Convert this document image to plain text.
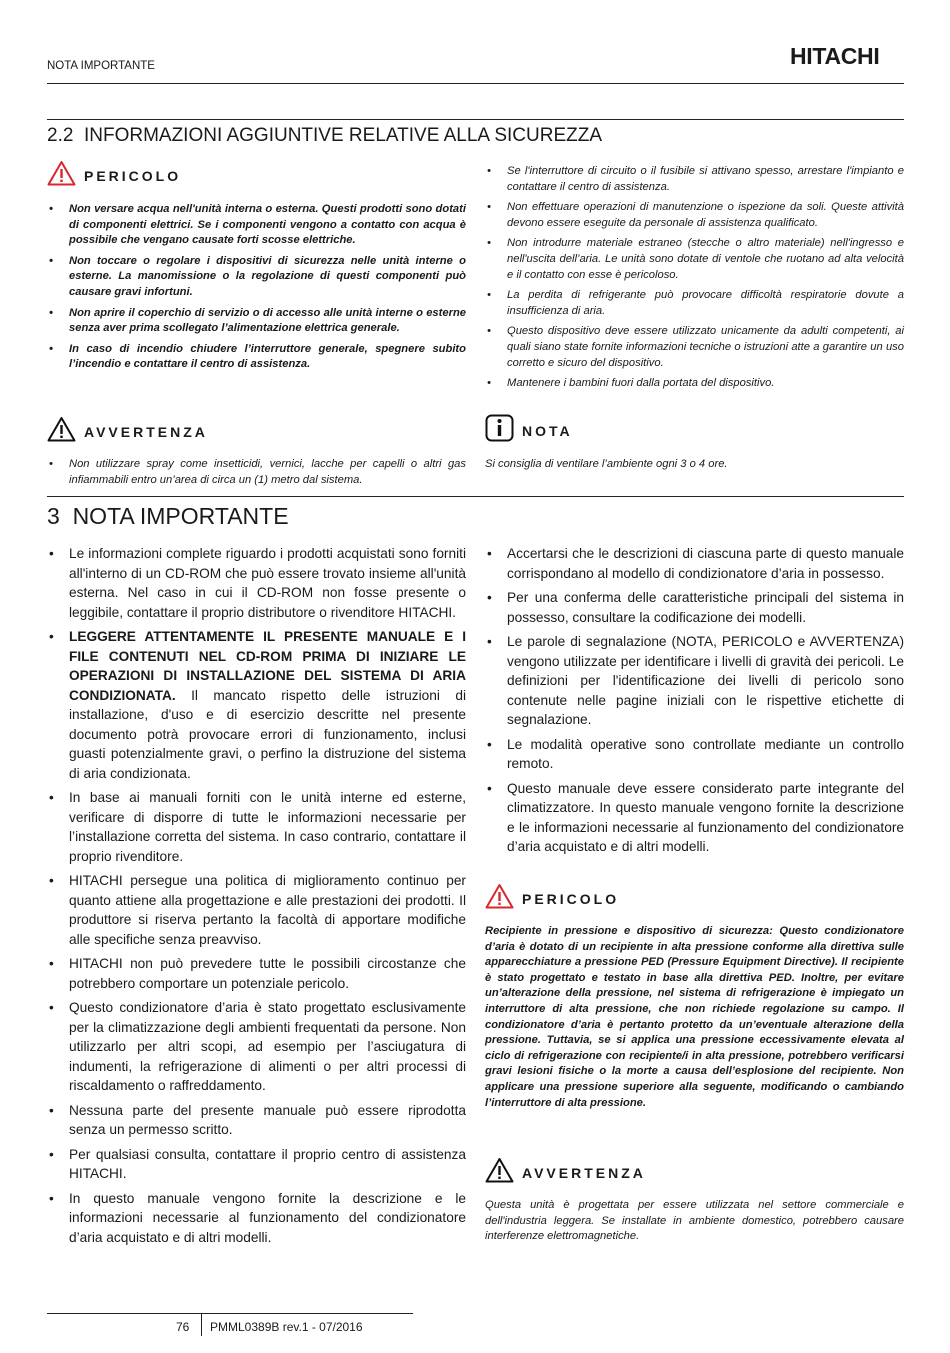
NOTA IMPORTANTE	HITACHI
2.2  INFORMAZIONI AGGIUNTIVE RELATIVE ALLA SICUREZZA
PERICOLO
• Non versare acqua nell'unità interna o esterna. Questi prodotti sono dotati di componenti elettrici. Se i componenti vengono a contatto con acqua è possibile che vengano causate forti scosse elettriche.
• Non toccare o regolare i dispositivi di sicurezza nelle unità interne o esterne. La manomissione o la regolazione di questi componenti può causare gravi infortuni.
• Non aprire il coperchio di servizio o di accesso alle unità interne o esterne senza aver prima scollegato l’alimentazione elettrica generale.
• In caso di incendio chiudere l’interruttore generale, spegnere subito l’incendio e contattare il centro di assistenza.
AVVERTENZA
• Non utilizzare spray come insetticidi, vernici, lacche per capelli o altri gas infiammabili entro un’area di circa un (1) metro dal sistema.
• Se l'interruttore di circuito o il fusibile si attivano spesso, arrestare l'impianto e contattare il centro di assistenza.
• Non effettuare operazioni di manutenzione o ispezione da soli. Queste attività devono essere eseguite da personale di assistenza qualificato.
• Non introdurre materiale estraneo (stecche o altro materiale) nell'ingresso e nell'uscita dell’aria. Le unità sono dotate di ventole che ruotano ad alta velocità e il contatto con esse è pericoloso.
• La perdita di refrigerante può provocare difficoltà respiratorie dovute a insufficienza di aria.
• Questo dispositivo deve essere utilizzato unicamente da adulti competenti, ai quali siano state fornite informazioni tecniche o istruzioni atte a garantire un uso corretto e sicuro del dispositivo.
• Mantenere i bambini fuori dalla portata del dispositivo.
NOTA
Si consiglia di ventilare l’ambiente ogni 3 o 4 ore.
3  NOTA IMPORTANTE
• Le informazioni complete riguardo i prodotti acquistati sono forniti all'interno di un CD-ROM che può essere trovato insieme all'unità esterna. Nel caso in cui il CD-ROM non fosse presente o leggibile, contattare il proprio distributore o rivenditore HITACHI.
• LEGGERE ATTENTAMENTE IL PRESENTE MANUALE E I FILE CONTENUTI NEL CD-ROM PRIMA DI INIZIARE LE OPERAZIONI DI INSTALLAZIONE DEL SISTEMA DI ARIA CONDIZIONATA. Il mancato rispetto delle istruzioni di installazione, d'uso e di esercizio descritte nel presente documento potrà provocare errori di funzionamento, inclusi guasti potenzialmente gravi, o perfino la distruzione del sistema di aria condizionata.
• In base ai manuali forniti con le unità interne ed esterne, verificare di disporre di tutte le informazioni necessarie per l’installazione corretta del sistema. In caso contrario, contattare il proprio rivenditore.
• HITACHI persegue una politica di miglioramento continuo per quanto attiene alla progettazione e alle prestazioni dei prodotti. Il produttore si riserva pertanto la facoltà di apportare modifiche alle specifiche senza preavviso.
• HITACHI non può prevedere tutte le possibili circostanze che potrebbero comportare un potenziale pericolo.
• Questo condizionatore d’aria è stato progettato esclusivamente per la climatizzazione degli ambienti frequentati da persone. Non utilizzarlo per altri scopi, ad esempio per l’asciugatura di indumenti, la refrigerazione di alimenti o per altri processi di riscaldamento o raffreddamento.
• Nessuna parte del presente manuale può essere riprodotta senza un permesso scritto.
• Per qualsiasi consulta, contattare il proprio centro di assistenza HITACHI.
• In questo manuale vengono fornite la descrizione e le informazioni necessarie al funzionamento del condizionatore d’aria acquistato e di altri modelli.
• Accertarsi che le descrizioni di ciascuna parte di questo manuale corrispondano al modello di condizionatore d’aria in possesso.
• Per una conferma delle caratteristiche principali del sistema in possesso, consultare la codificazione dei modelli.
• Le parole di segnalazione (NOTA, PERICOLO e AVVERTENZA) vengono utilizzate per identificare i livelli di gravità dei pericoli. Le definizioni per l'identificazione dei livelli di pericolo sono contenute nelle pagine iniziali con le rispettive etichette di segnalazione.
• Le modalità operative sono controllate mediante un controllo remoto.
• Questo manuale deve essere considerato parte integrante del climatizzatore. In questo manuale vengono fornite la descrizione e le informazioni necessarie al funzionamento del condizionatore d’aria acquistato e di altri modelli.
PERICOLO
Recipiente in pressione e dispositivo di sicurezza: Questo condizionatore d’aria è dotato di un recipiente in alta pressione conforme alla direttiva sulle apparecchiature a pressione PED (Pressure Equipment Directive). Il recipiente è stato progettato e testato in base alla direttiva PED. Inoltre, per evitare un’alterazione della pressione, nel sistema di refrigerazione è impiegato un interruttore di alta pressione, che non richiede regolazione su campo. Il condizionatore d’aria è pertanto protetto da un’eventuale alterazione della pressione. Tuttavia, se si applica una pressione eccessivamente elevata al ciclo di refrigerazione con recipiente/i in alta pressione, potrebbero verificarsi gravi lesioni fisiche o la morte a causa dell’esplosione del recipiente. Non applicare una pressione superiore alla seguente, modificando o cambiando l’interruttore di alta pressione.
AVVERTENZA
Questa unità è progettata per essere utilizzata nel settore commerciale e dell'industria leggera. Se installate in ambiente domestico, potrebbero causare interferenze elettromagnetiche.
76 PMML0389B rev.1 - 07/2016
